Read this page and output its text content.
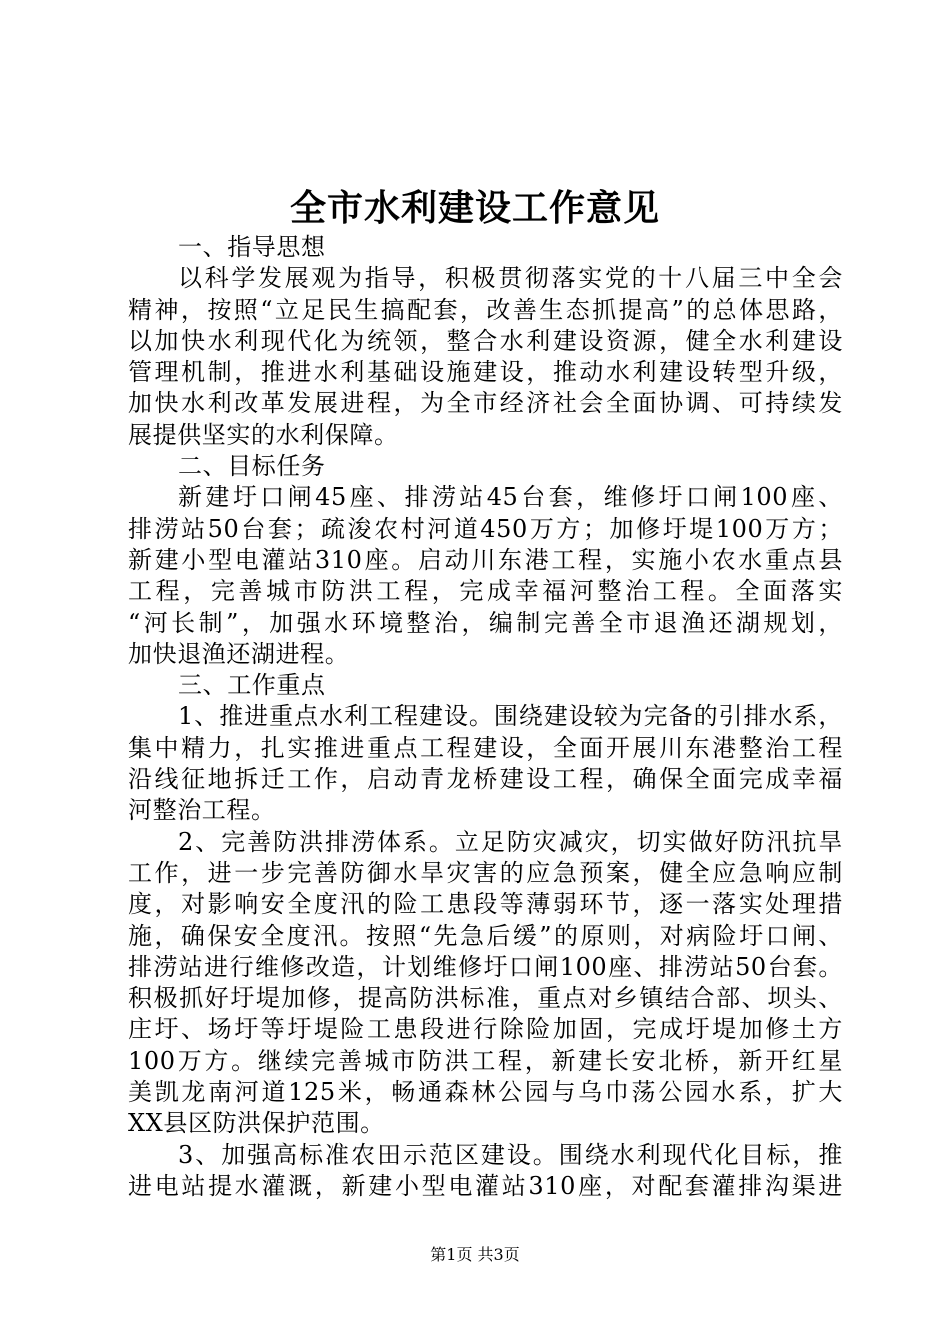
全市水利建设工作意见
一、指导思想
以科学发展观为指导，积极贯彻落实党的十八届三中全会
精神，按照“立足民生搞配套，改善生态抓提高”的总体思路，
以加快水利现代化为统领，整合水利建设资源，健全水利建设
管理机制，推进水利基础设施建设，推动水利建设转型升级，
加快水利改革发展进程，为全市经济社会全面协调、可持续发
展提供坚实的水利保障。
二、目标任务
新建圩口闸45座、排涝站45台套，维修圩口闸100座、
排涝站50台套；疏浚农村河道450万方；加修圩堤100万方；
新建小型电灌站310座。启动川东港工程，实施小农水重点县
工程，完善城市防洪工程，完成幸福河整治工程。全面落实
“河长制”，加强水环境整治，编制完善全市退渔还湖规划，
加快退渔还湖进程。
三、工作重点
1、推进重点水利工程建设。围绕建设较为完备的引排水系，
集中精力，扎实推进重点工程建设，全面开展川东港整治工程
沿线征地拆迁工作，启动青龙桥建设工程，确保全面完成幸福
河整治工程。
2、完善防洪排涝体系。立足防灾减灾，切实做好防汛抗旱
工作，进一步完善防御水旱灾害的应急预案，健全应急响应制
度，对影响安全度汛的险工患段等薄弱环节，逐一落实处理措
施，确保安全度汛。按照“先急后缓”的原则，对病险圩口闸、
排涝站进行维修改造，计划维修圩口闸100座、排涝站50台套。
积极抓好圩堤加修，提高防洪标准，重点对乡镇结合部、坝头、
庄圩、场圩等圩堤险工患段进行除险加固，完成圩堤加修土方
100万方。继续完善城市防洪工程，新建长安北桥，新开红星
美凯龙南河道125米，畅通森林公园与乌巾荡公园水系，扩大
XX县区防洪保护范围。
3、加强高标准农田示范区建设。围绕水利现代化目标，推
进电站提水灌溉，新建小型电灌站310座，对配套灌排沟渠进
第1页 共3页
